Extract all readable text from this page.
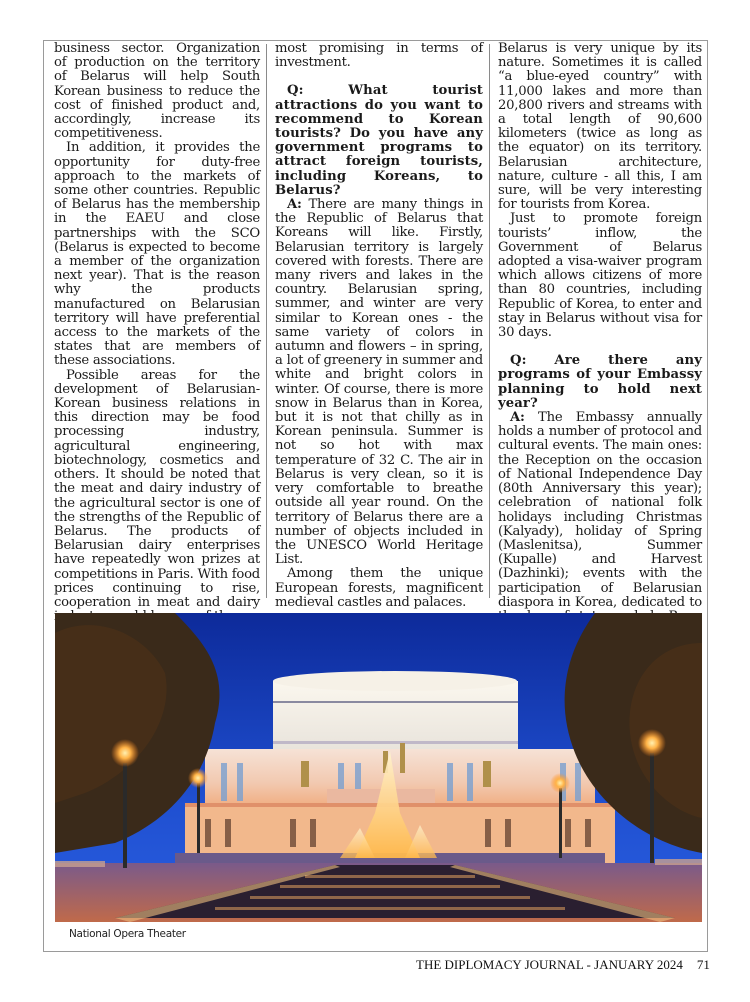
business sector. Organization of production on the territory of Belarus will help South Korean business to reduce the cost of finished product and, accordingly, increase its competitiveness.

In addition, it provides the opportunity for duty-free approach to the markets of some other countries. Republic of Belarus has the membership in the EAEU and close partnerships with the SCO (Belarus is expected to become a member of the organization next year). That is the reason why the products manufactured on Belarusian territory will have preferential access to the markets of the states that are members of these associations.

Possible areas for the development of Belarusian-Korean business relations in this direction may be food processing industry, agricultural engineering, biotechnology, cosmetics and others. It should be noted that the meat and dairy industry of the agricultural sector is one of the strengths of the Republic of Belarus. The products of Belarusian dairy enterprises have repeatedly won prizes at competitions in Paris. With food prices continuing to rise, cooperation in meat and dairy

most promising in terms of investment.

Q: What tourist attractions do you want to recommend to Korean tourists? Do you have any government programs to attract foreign tourists, including Koreans, to Belarus?

A: There are many things in the Republic of Belarus that Koreans will like. Firstly, Belarusian territory is largely covered with forests. There are many rivers and lakes in the country. Belarusian spring, summer, and winter are very similar to Korean ones - the same variety of colors in autumn and flowers – in spring, a lot of greenery in summer and white and bright colors in winter. Of course, there is more snow in Belarus than in Korea, but it is not that chilly as in Korean peninsula. Summer is not so hot with max temperature of 32 C. The air in Belarus is very clean, so it is very comfortable to breathe outside all year round. On the territory of Belarus there are a number of objects included in the UNESCO World Heritage List.

Among them the unique European forests, magnificent medieval castles and palaces.

Belarus is very unique by its nature. Sometimes it is called “a blue-eyed country” with 11,000 lakes and more than 20,800 rivers and streams with a total length of 90,600 kilometers (twice as long as the equator) on its territory. Belarusian architecture, nature, culture - all this, I am sure, will be very interesting for tourists from Korea.

Just to promote foreign tourists’ inflow, the Government of Belarus adopted a visa-waiver program which allows citizens of more than 80 countries, including Republic of Korea, to enter and stay in Belarus without visa for 30 days.

Q: Are there any programs of your Embassy planning to hold next year?

A: The Embassy annually holds a number of protocol and cultural events. The main ones: the Reception on the occasion of National Independence Day (80th Anniversary this year); celebration of national folk holidays including Christmas (Kalyady), holiday of Spring (Maslenitsa), Summer (Kupalle) and Harvest (Dazhinki); events with the participation of Belarusian diaspora in Korea, dedicated to

National Opera Theater
THE DIPLOMACY JOURNAL - JANUARY 2024 71
